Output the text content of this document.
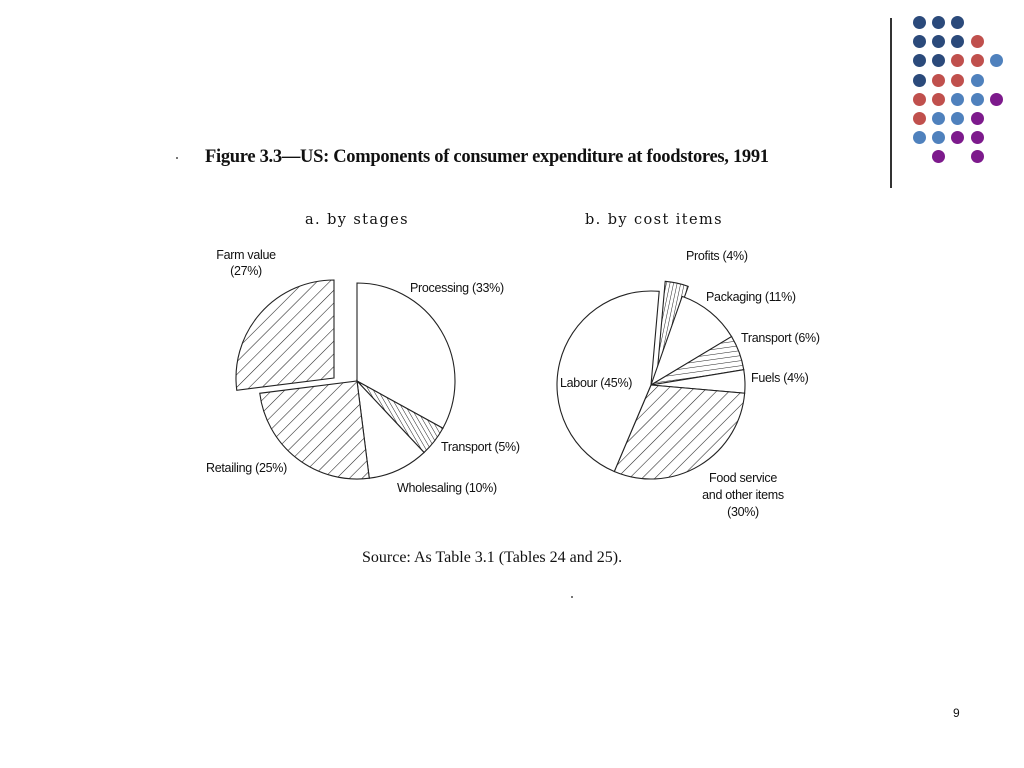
Figure 3.3—US: Components of consumer expenditure at foodstores, 1991
a. by stages	b. by cost items
Processing (33%)
Transport (5%)
Wholesaling (10%)
Retailing (25%)
Farm value (27%)
Profits (4%)
Packaging (11%)
Transport (6%)
Fuels (4%)
Food service and other items (30%)
Labour (45%)
Source: As Table 3.1 (Tables 24 and 25).
9
